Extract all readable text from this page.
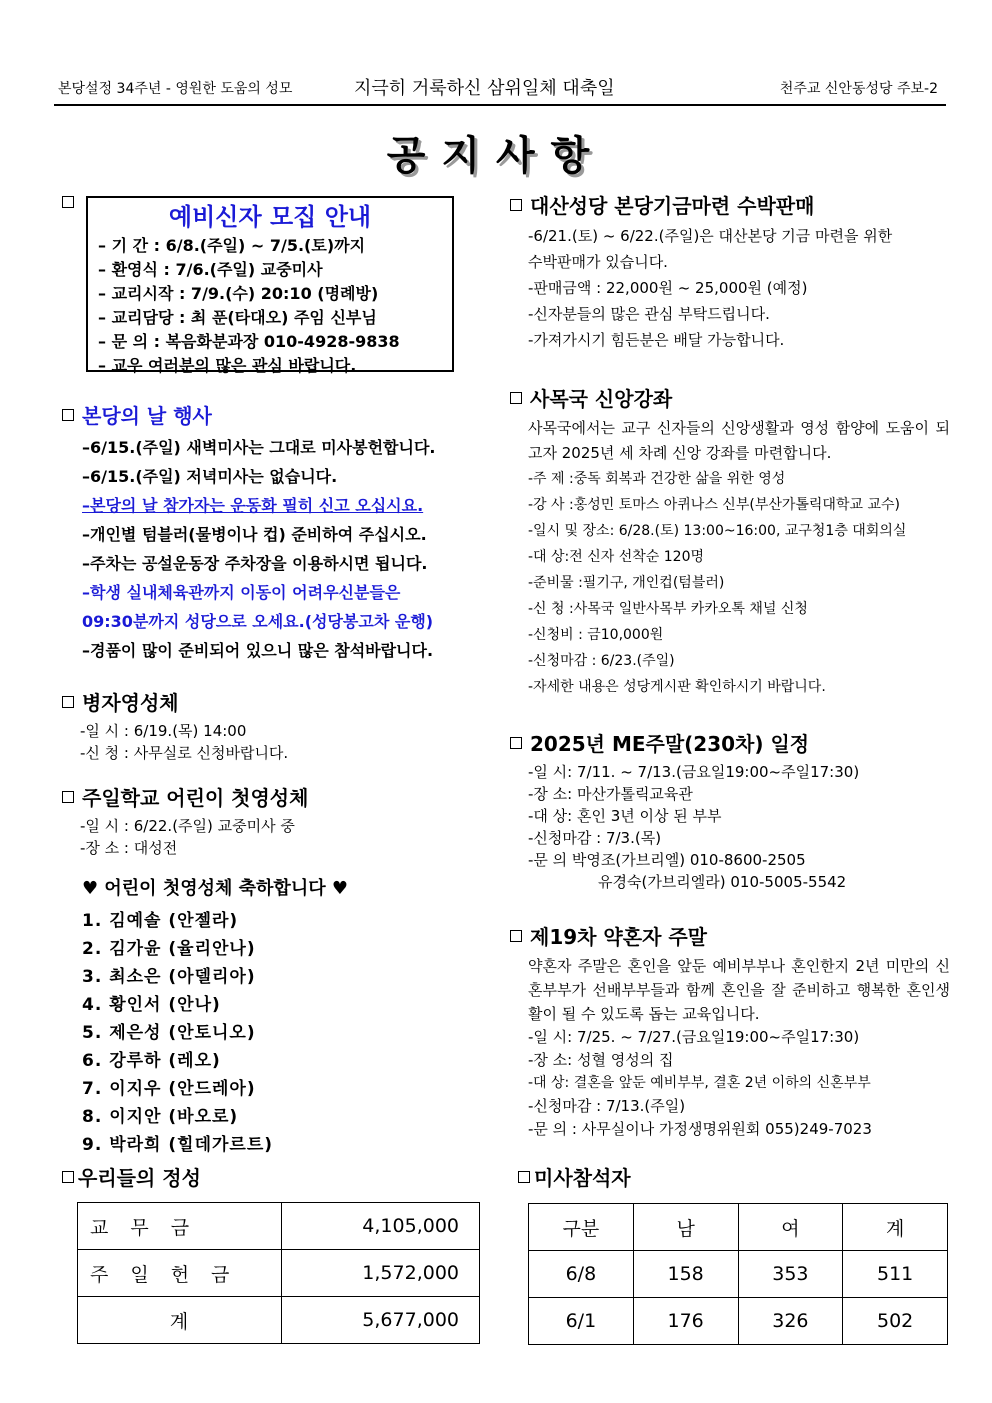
본당설정 34주년 - 영원한 도움의 성모	지극히 거룩하신 삼위일체 대축일	천주교 신안동성당 주보-2
공지사항
예비신자 모집 안내
– 기 간 : 6/8.(주일) ~ 7/5.(토)까지
– 환영식 : 7/6.(주일) 교중미사
– 교리시작 : 7/9.(수) 20:10 (명례방)
– 교리담당 : 최 푼(타대오) 주임 신부님
– 문 의 : 복음화분과장 010-4928-9838
– 교우 여러분의 많은 관심 바랍니다.
본당의 날 행사
–6/15.(주일) 새벽미사는 그대로 미사봉헌합니다.
–6/15.(주일) 저녁미사는 없습니다.
–본당의 날 참가자는 운동화 필히 신고 오십시요.
–개인별 텀블러(물병이나 컵) 준비하여 주십시오.
–주차는 공설운동장 주차장을 이용하시면 됩니다.
–학생 실내체육관까지 이동이 어려우신분들은
09:30분까지 성당으로 오세요.(성당봉고차 운행)
–경품이 많이 준비되어 있으니 많은 참석바랍니다.
병자영성체
-일 시 : 6/19.(목) 14:00
-신 청 : 사무실로 신청바랍니다.
주일학교 어린이 첫영성체
-일 시 : 6/22.(주일) 교중미사 중
-장 소 : 대성전
♥ 어린이 첫영성체 축하합니다 ♥
1. 김예솔 (안젤라)
2. 김가윤 (율리안나)
3. 최소은 (아델리아)
4. 황인서 (안나)
5. 제은성 (안토니오)
6. 강루하 (레오)
7. 이지우 (안드레아)
8. 이지안 (바오로)
9. 박라희 (힐데가르트)
대산성당 본당기금마련 수박판매
-6/21.(토) ~ 6/22.(주일)은 대산본당 기금 마련을 위한
수박판매가 있습니다.
-판매금액 : 22,000원 ~ 25,000원 (예정)
-신자분들의 많은 관심 부탁드립니다.
-가져가시기 힘든분은 배달 가능합니다.
사목국 신앙강좌
사목국에서는 교구 신자들의 신앙생활과 영성 함양에 도움이 되고자 2025년 세 차례 신앙 강좌를 마련합니다.
-주 제 :중독 회복과 건강한 삶을 위한 영성
-강 사 :홍성민 토마스 아퀴나스 신부(부산가톨릭대학교 교수)
-일시 및 장소: 6/28.(토) 13:00~16:00, 교구청1층 대회의실
-대 상:전 신자 선착순 120명
-준비물 :필기구, 개인컵(텀블러)
-신 청 :사목국 일반사목부 카카오톡 채널 신청
-신청비 : 금10,000원
-신청마감 : 6/23.(주일)
-자세한 내용은 성당게시판 확인하시기 바랍니다.
2025년 ME주말(230차) 일정
-일 시: 7/11. ~ 7/13.(금요일19:00~주일17:30)
-장 소: 마산가톨릭교육관
-대 상: 혼인 3년 이상 된 부부
-신청마감 : 7/3.(목)
-문 의 박영조(가브리엘) 010-8600-2505
유경숙(가브리엘라) 010-5005-5542
제19차 약혼자 주말
약혼자 주말은 혼인을 앞둔 예비부부나 혼인한지 2년 미만의 신혼부부가 선배부부들과 함께 혼인을 잘 준비하고 행복한 혼인생활이 될 수 있도록 돕는 교육입니다.
-일 시: 7/25. ~ 7/27.(금요일19:00~주일17:30)
-장 소: 성혈 영성의 집
-대 상: 결혼을 앞둔 예비부부, 결혼 2년 이하의 신혼부부
-신청마감 : 7/13.(주일)
-문 의 : 사무실이나 가정생명위원회 055)249-7023
우리들의 정성	미사참석자
교무금	4,105,000
주일헌금	1,572,000
계	5,677,000
구분	남	여	계
6/8	158	353	511
6/1	176	326	502
